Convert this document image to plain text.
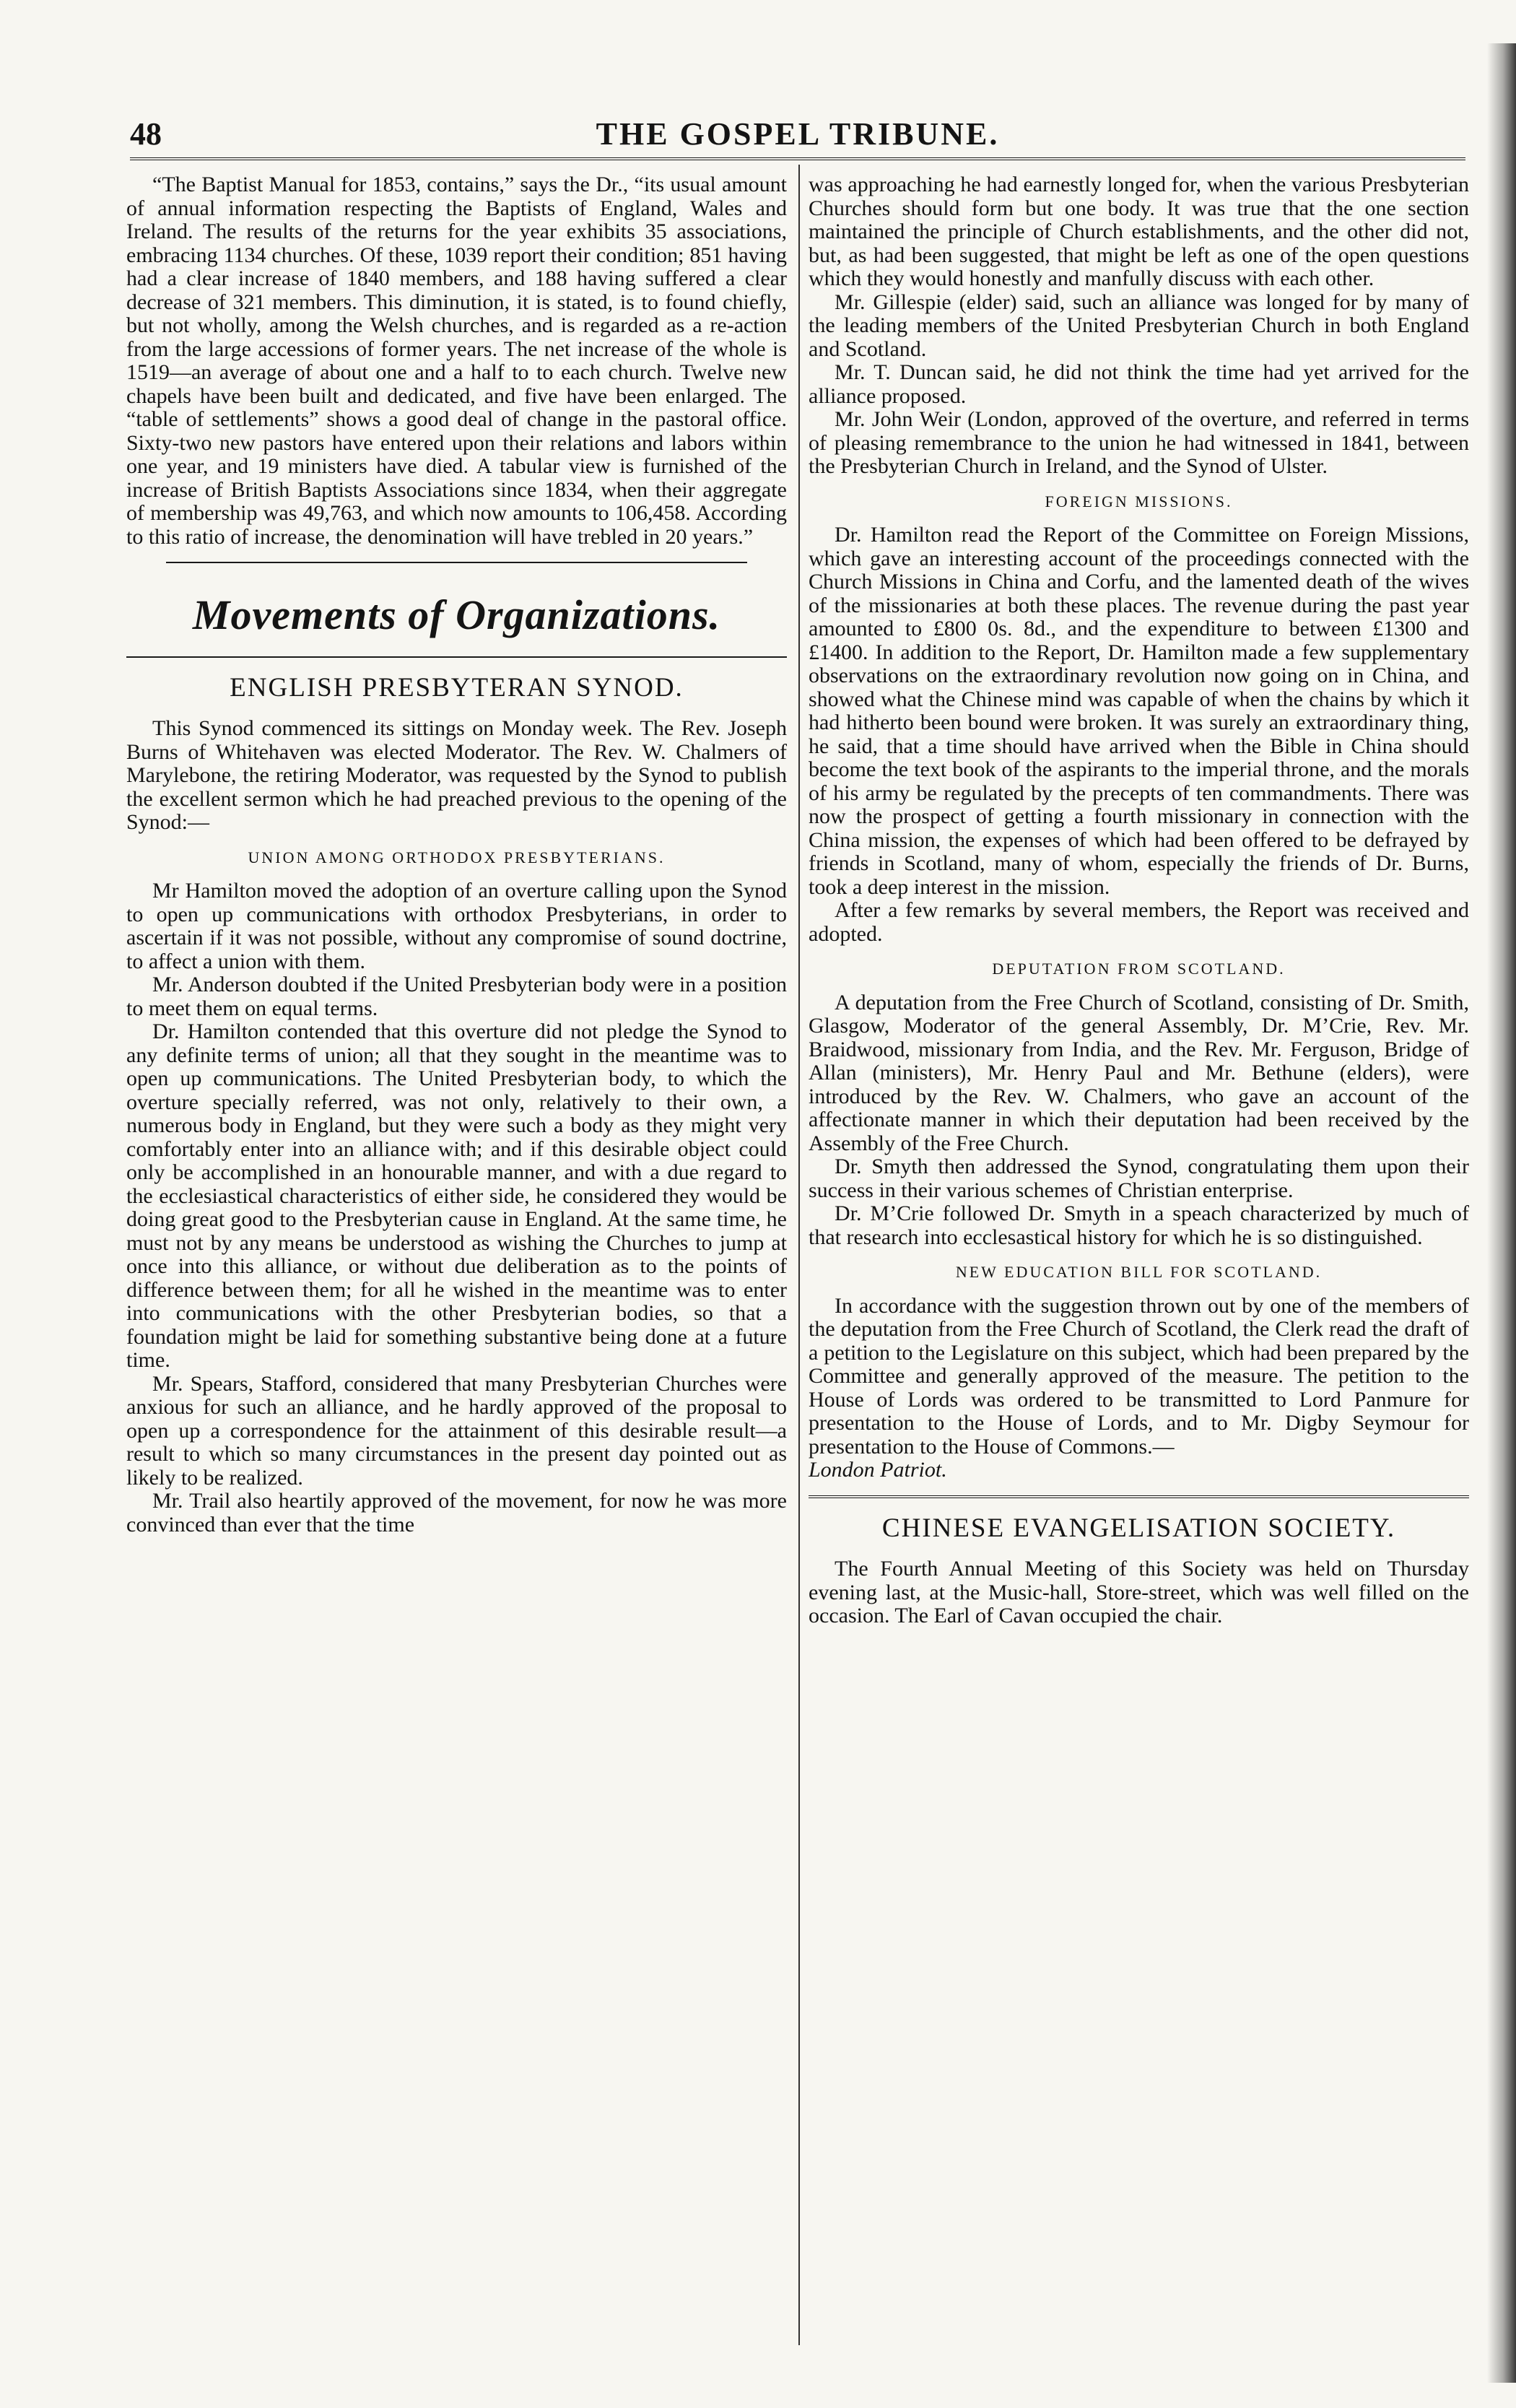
48	THE GOSPEL TRIBUNE.

“The Baptist Manual for 1853, contains,” says the Dr., “its usual amount of annual information respecting the Baptists of England, Wales and Ireland. The results of the returns for the year exhibits 35 associations, embracing 1134 churches. Of these, 1039 report their condition; 851 having had a clear increase of 1840 members, and 188 having suffered a clear decrease of 321 members. This diminution, it is stated, is to found chiefly, but not wholly, among the Welsh churches, and is regarded as a re-action from the large accessions of former years. The net increase of the whole is 1519—an average of about one and a half to to each church. Twelve new chapels have been built and dedicated, and five have been enlarged. The “table of settlements” shows a good deal of change in the pastoral office. Sixty-two new pastors have entered upon their relations and labors within one year, and 19 ministers have died. A tabular view is furnished of the increase of British Baptists Associations since 1834, when their aggregate of membership was 49,763, and which now amounts to 106,458. According to this ratio of increase, the denomination will have trebled in 20 years.”

Movements of Organizations.
ENGLISH PRESBYTERAN SYNOD.

This Synod commenced its sittings on Monday week. The Rev. Joseph Burns of Whitehaven was elected Moderator. The Rev. W. Chalmers of Marylebone, the retiring Moderator, was requested by the Synod to publish the excellent sermon which he had preached previous to the opening of the Synod:—

UNION AMONG ORTHODOX PRESBYTERIANS.

Mr Hamilton moved the adoption of an overture calling upon the Synod to open up communications with orthodox Presbyterians, in order to ascertain if it was not possible, without any compromise of sound doctrine, to affect a union with them.

Mr. Anderson doubted if the United Presbyterian body were in a position to meet them on equal terms.

Dr. Hamilton contended that this overture did not pledge the Synod to any definite terms of union; all that they sought in the meantime was to open up communications. The United Presbyterian body, to which the overture specially referred, was not only, relatively to their own, a numerous body in England, but they were such a body as they might very comfortably enter into an alliance with; and if this desirable object could only be accomplished in an honourable manner, and with a due regard to the ecclesiastical characteristics of either side, he considered they would be doing great good to the Presbyterian cause in England. At the same time, he must not by any means be understood as wishing the Churches to jump at once into this alliance, or without due deliberation as to the points of difference between them; for all he wished in the meantime was to enter into communications with the other Presbyterian bodies, so that a foundation might be laid for something substantive being done at a future time.

Mr. Spears, Stafford, considered that many Presbyterian Churches were anxious for such an alliance, and he hardly approved of the proposal to open up a correspondence for the attainment of this desirable result—a result to which so many circumstances in the present day pointed out as likely to be realized.

Mr. Trail also heartily approved of the movement, for now he was more convinced than ever that the time

was approaching he had earnestly longed for, when the various Presbyterian Churches should form but one body. It was true that the one section maintained the principle of Church establishments, and the other did not, but, as had been suggested, that might be left as one of the open questions which they would honestly and manfully discuss with each other.

Mr. Gillespie (elder) said, such an alliance was longed for by many of the leading members of the United Presbyterian Church in both England and Scotland.

Mr. T. Duncan said, he did not think the time had yet arrived for the alliance proposed.

Mr. John Weir (London, approved of the overture, and referred in terms of pleasing remembrance to the union he had witnessed in 1841, between the Presbyterian Church in Ireland, and the Synod of Ulster.

FOREIGN MISSIONS.

Dr. Hamilton read the Report of the Committee on Foreign Missions, which gave an interesting account of the proceedings connected with the Church Missions in China and Corfu, and the lamented death of the wives of the missionaries at both these places. The revenue during the past year amounted to £800 0s. 8d., and the expenditure to between £1300 and £1400. In addition to the Report, Dr. Hamilton made a few supplementary observations on the extraordinary revolution now going on in China, and showed what the Chinese mind was capable of when the chains by which it had hitherto been bound were broken. It was surely an extraordinary thing, he said, that a time should have arrived when the Bible in China should become the text book of the aspirants to the imperial throne, and the morals of his army be regulated by the precepts of ten commandments. There was now the prospect of getting a fourth missionary in connection with the China mission, the expenses of which had been offered to be defrayed by friends in Scotland, many of whom, especially the friends of Dr. Burns, took a deep interest in the mission.

After a few remarks by several members, the Report was received and adopted.

DEPUTATION FROM SCOTLAND.

A deputation from the Free Church of Scotland, consisting of Dr. Smith, Glasgow, Moderator of the general Assembly, Dr. M’Crie, Rev. Mr. Braidwood, missionary from India, and the Rev. Mr. Ferguson, Bridge of Allan (ministers), Mr. Henry Paul and Mr. Bethune (elders), were introduced by the Rev. W. Chalmers, who gave an account of the affectionate manner in which their deputation had been received by the Assembly of the Free Church.

Dr. Smyth then addressed the Synod, congratulating them upon their success in their various schemes of Christian enterprise.

Dr. M’Crie followed Dr. Smyth in a speach characterized by much of that research into ecclesastical history for which he is so distinguished.

NEW EDUCATION BILL FOR SCOTLAND.

In accordance with the suggestion thrown out by one of the members of the deputation from the Free Church of Scotland, the Clerk read the draft of a petition to the Legislature on this subject, which had been prepared by the Committee and generally approved of the measure. The petition to the House of Lords was ordered to be transmitted to Lord Panmure for presentation to the House of Lords, and to Mr. Digby Seymour for presentation to the House of Commons.—
London Patriot.

CHINESE EVANGELISATION SOCIETY.

The Fourth Annual Meeting of this Society was held on Thursday evening last, at the Music-hall, Store-street, which was well filled on the occasion. The Earl of Cavan occupied the chair.
